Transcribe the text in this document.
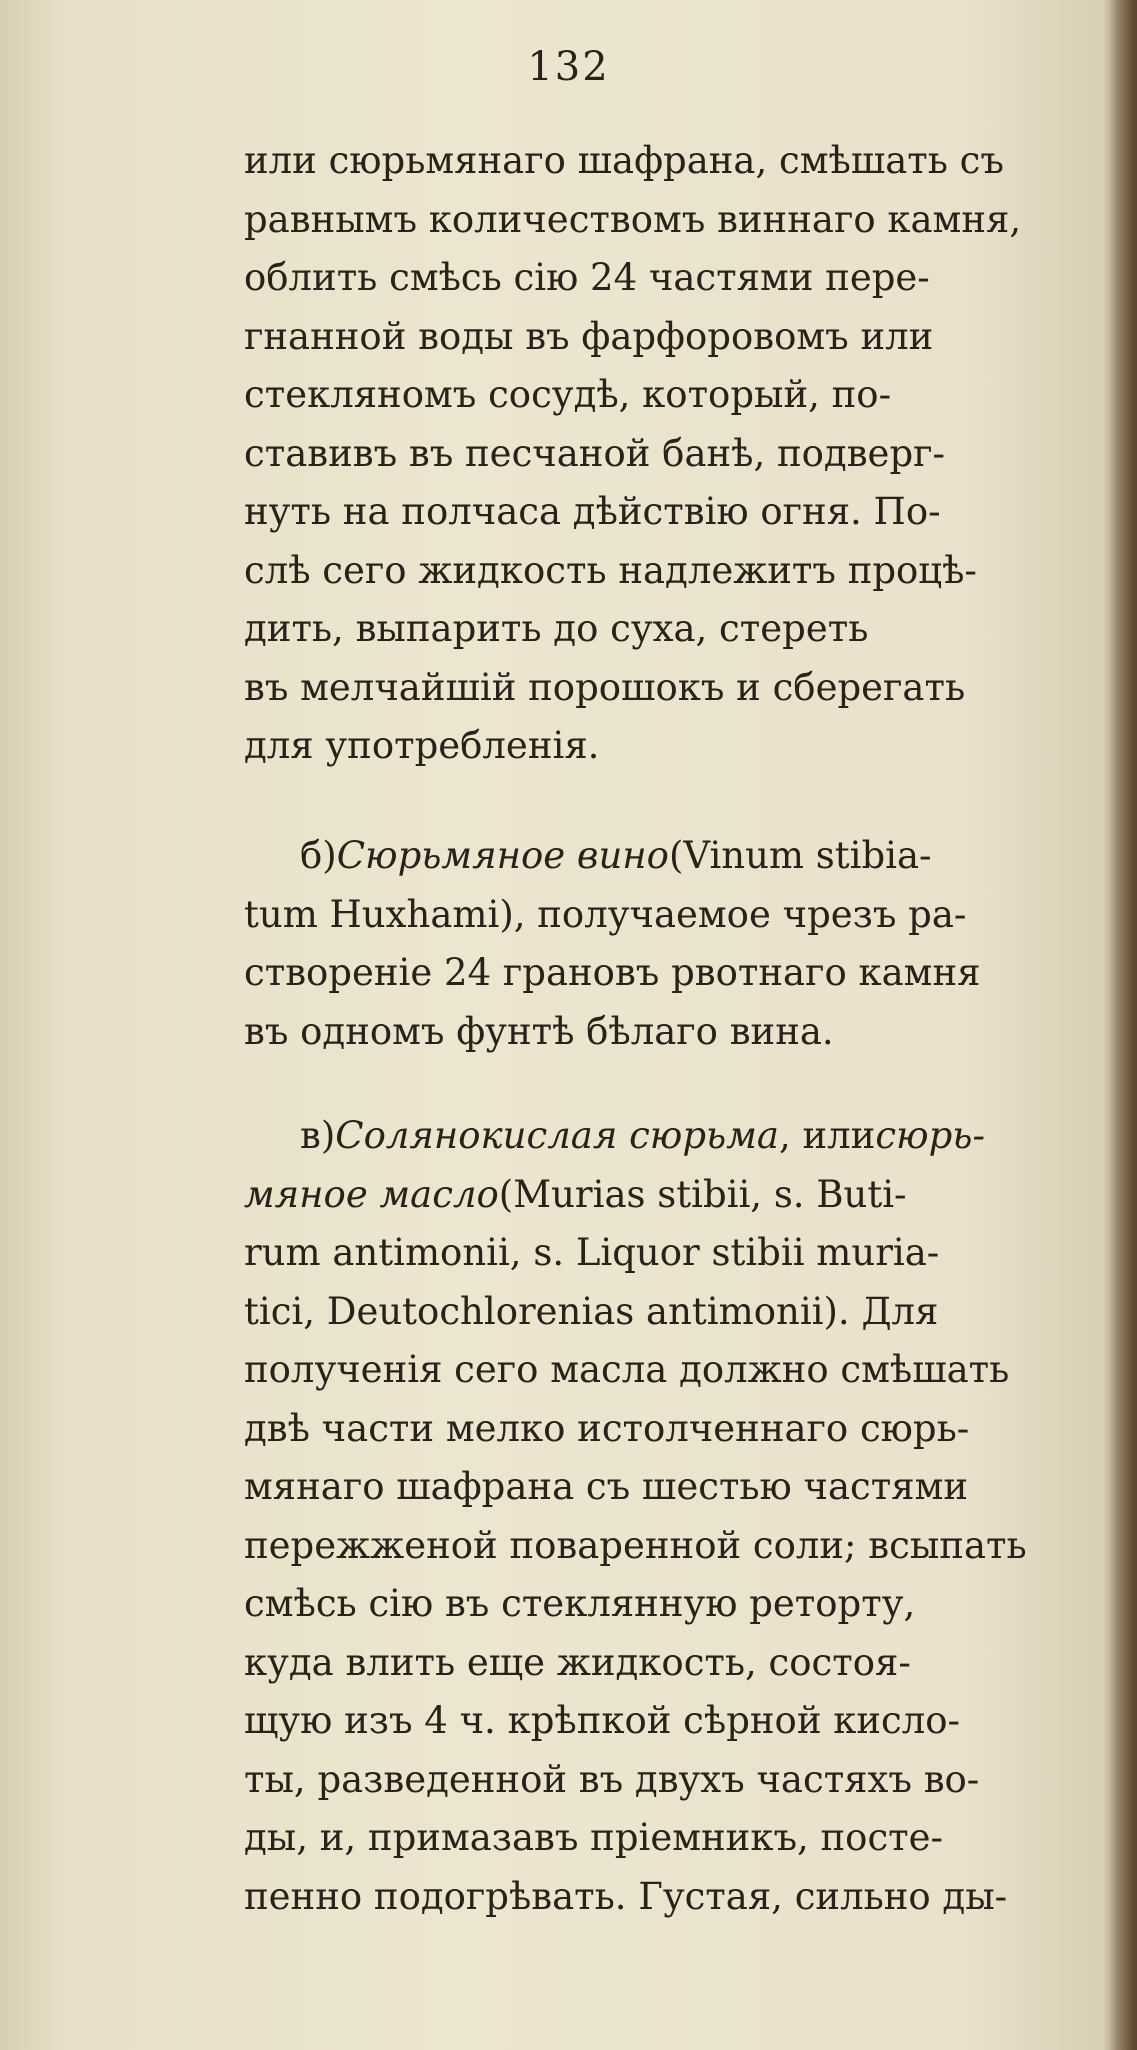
132
или сюрьмянаго шафрана, смѣшать съ
равнымъ количествомъ виннаго камня,
облить смѣсь сію 24 частями пере-
гнанной воды въ фарфоровомъ или
стекляномъ сосудѣ, который, по-
ставивъ въ песчаной банѣ, подверг-
нуть на полчаса дѣйствію огня. По-
слѣ сего жидкость надлежитъ процѣ-
дить, выпарить до суха, стереть
въ мелчайшій порошокъ и сберегать
для употребленія.
б)Сюрьмяное вино(Vinum stibia-
tum Huxhami), получаемое чрезъ ра-
створеніе 24 грановъ рвотнаго камня
въ одномъ фунтѣ бѣлаго вина.
в)Солянокислая сюрьма, илисюрь-
мяное масло(Murias stibii, s. Buti-
rum antimonii, s. Liquor stibii muria-
tici, Deutochlorenias antimonii). Для
полученія сего масла должно смѣшать
двѣ части мелко истолченнаго сюрь-
мянаго шафрана съ шестью частями
пережженой поваренной соли; всыпать
смѣсь сію въ стеклянную реторту,
куда влить еще жидкость, состоя-
щую изъ 4 ч. крѣпкой сѣрной кисло-
ты, разведенной въ двухъ частяхъ во-
ды, и, примазавъ пріемникъ, посте-
пенно подогрѣвать. Густая, сильно ды-
